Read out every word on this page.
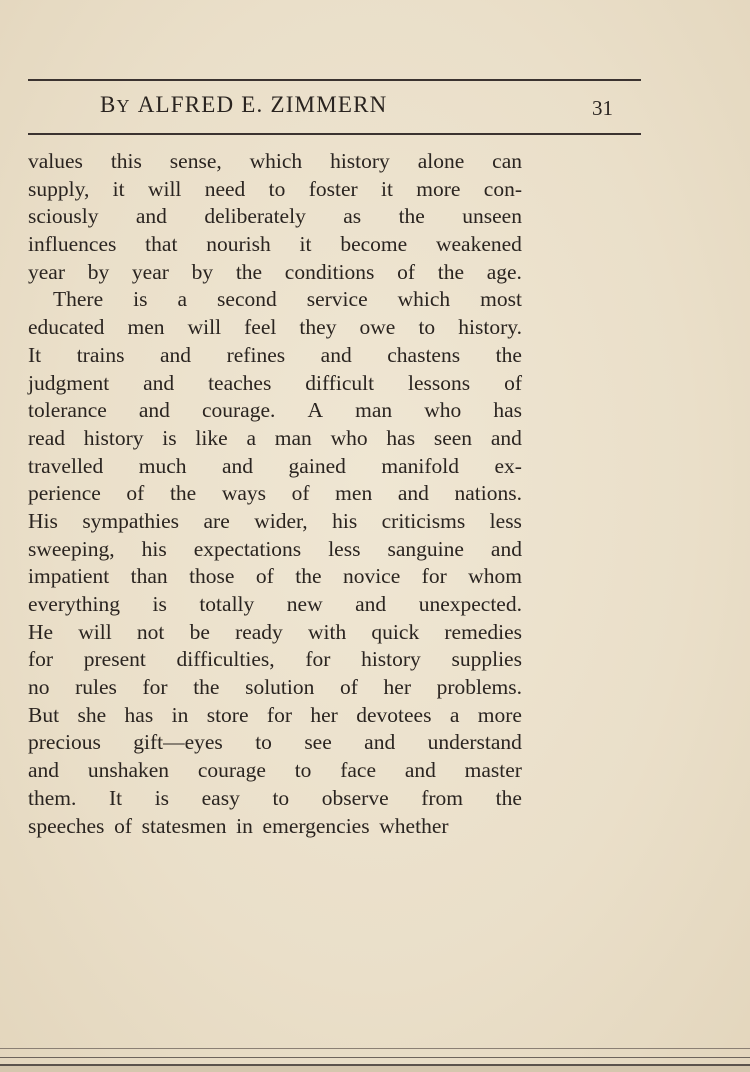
BY ALFRED E. ZIMMERN	31
values this sense, which history alone can
supply, it will need to foster it more con-
sciously and deliberately as the unseen
influences that nourish it become weakened
year by year by the conditions of the age.
There is a second service which most
educated men will feel they owe to history.
It trains and refines and chastens the
judgment and teaches difficult lessons of
tolerance and courage. A man who has
read history is like a man who has seen and
travelled much and gained manifold ex-
perience of the ways of men and nations.
His sympathies are wider, his criticisms less
sweeping, his expectations less sanguine and
impatient than those of the novice for whom
everything is totally new and unexpected.
He will not be ready with quick remedies
for present difficulties, for history supplies
no rules for the solution of her problems.
But she has in store for her devotees a more
precious gift—eyes to see and understand
and unshaken courage to face and master
them. It is easy to observe from the
speeches of statesmen in emergencies whether
